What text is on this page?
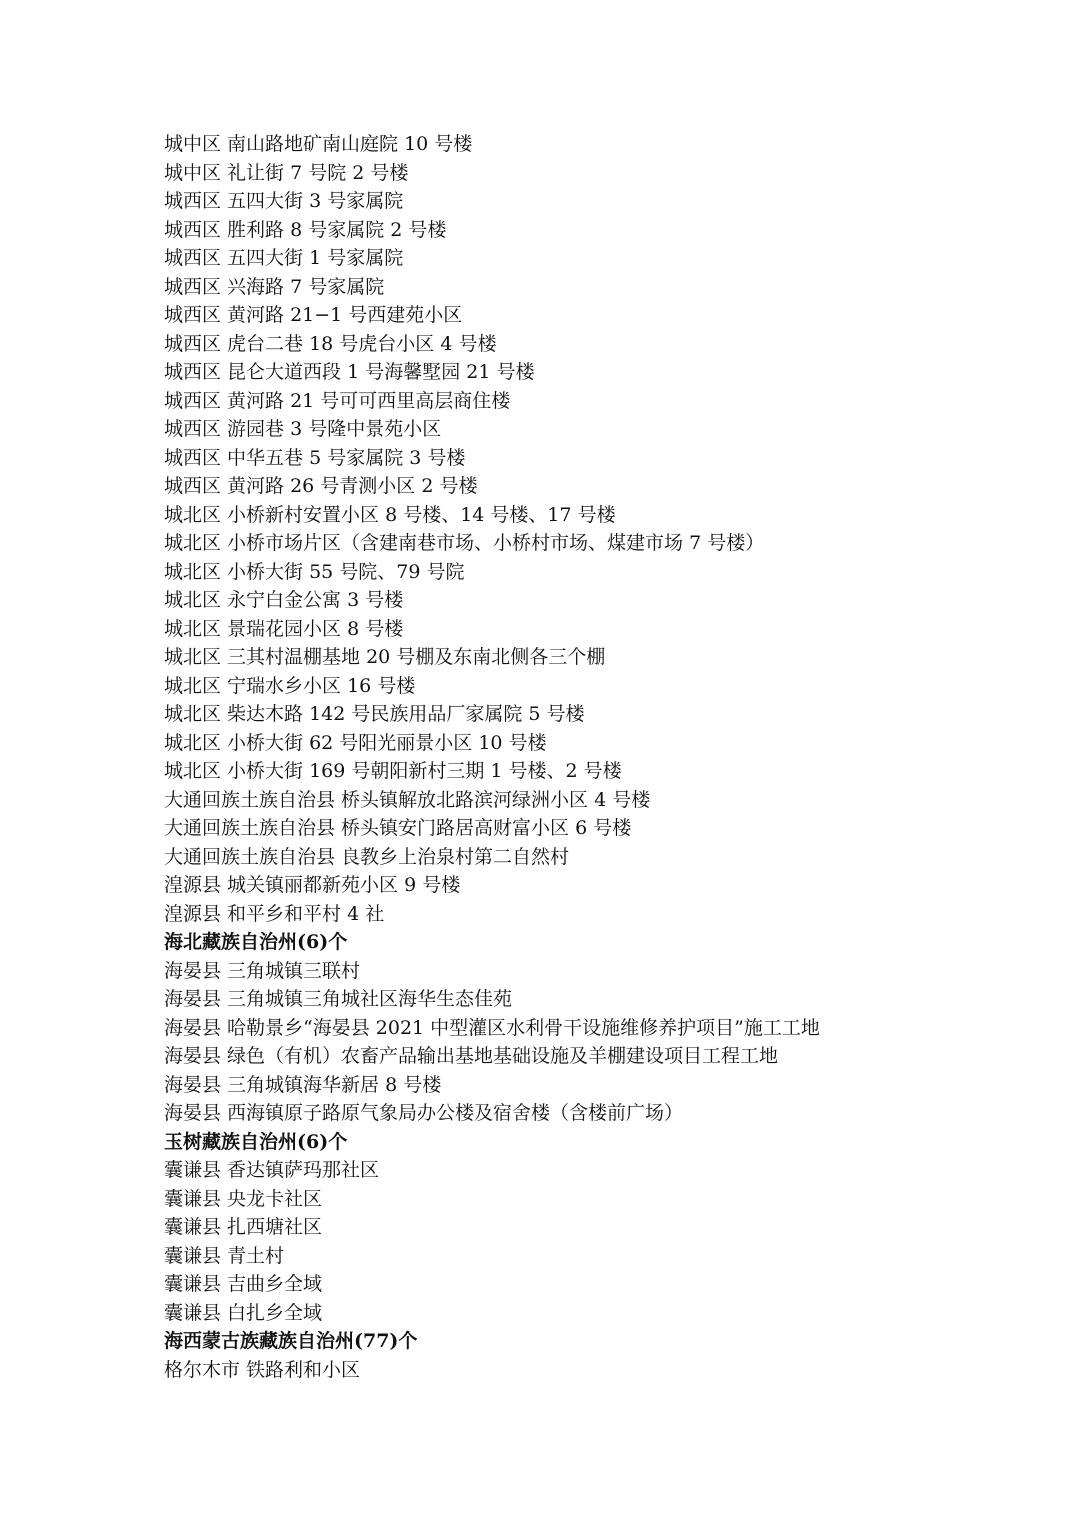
城中区 南山路地矿南山庭院 10 号楼
城中区 礼让街 7 号院 2 号楼
城西区 五四大街 3 号家属院
城西区 胜利路 8 号家属院 2 号楼
城西区 五四大街 1 号家属院
城西区 兴海路 7 号家属院
城西区 黄河路 21−1 号西建苑小区
城西区 虎台二巷 18 号虎台小区 4 号楼
城西区 昆仑大道西段 1 号海馨墅园 21 号楼
城西区 黄河路 21 号可可西里高层商住楼
城西区 游园巷 3 号隆中景苑小区
城西区 中华五巷 5 号家属院 3 号楼
城西区 黄河路 26 号青测小区 2 号楼
城北区 小桥新村安置小区 8 号楼、14 号楼、17 号楼
城北区 小桥市场片区（含建南巷市场、小桥村市场、煤建市场 7 号楼）
城北区 小桥大街 55 号院、79 号院
城北区 永宁白金公寓 3 号楼
城北区 景瑞花园小区 8 号楼
城北区 三其村温棚基地 20 号棚及东南北侧各三个棚
城北区 宁瑞水乡小区 16 号楼
城北区 柴达木路 142 号民族用品厂家属院 5 号楼
城北区 小桥大街 62 号阳光丽景小区 10 号楼
城北区 小桥大街 169 号朝阳新村三期 1 号楼、2 号楼
大通回族土族自治县 桥头镇解放北路滨河绿洲小区 4 号楼
大通回族土族自治县 桥头镇安门路居高财富小区 6 号楼
大通回族土族自治县 良教乡上治泉村第二自然村
湟源县 城关镇丽都新苑小区 9 号楼
湟源县 和平乡和平村 4 社
海北藏族自治州(6)个
海晏县 三角城镇三联村
海晏县 三角城镇三角城社区海华生态佳苑
海晏县 哈勒景乡“海晏县 2021 中型灌区水利骨干设施维修养护项目”施工工地
海晏县 绿色（有机）农畜产品输出基地基础设施及羊棚建设项目工程工地
海晏县 三角城镇海华新居 8 号楼
海晏县 西海镇原子路原气象局办公楼及宿舍楼（含楼前广场）
玉树藏族自治州(6)个
囊谦县 香达镇萨玛那社区
囊谦县 央龙卡社区
囊谦县 扎西塘社区
囊谦县 青土村
囊谦县 吉曲乡全域
囊谦县 白扎乡全域
海西蒙古族藏族自治州(77)个
格尔木市 铁路利和小区
